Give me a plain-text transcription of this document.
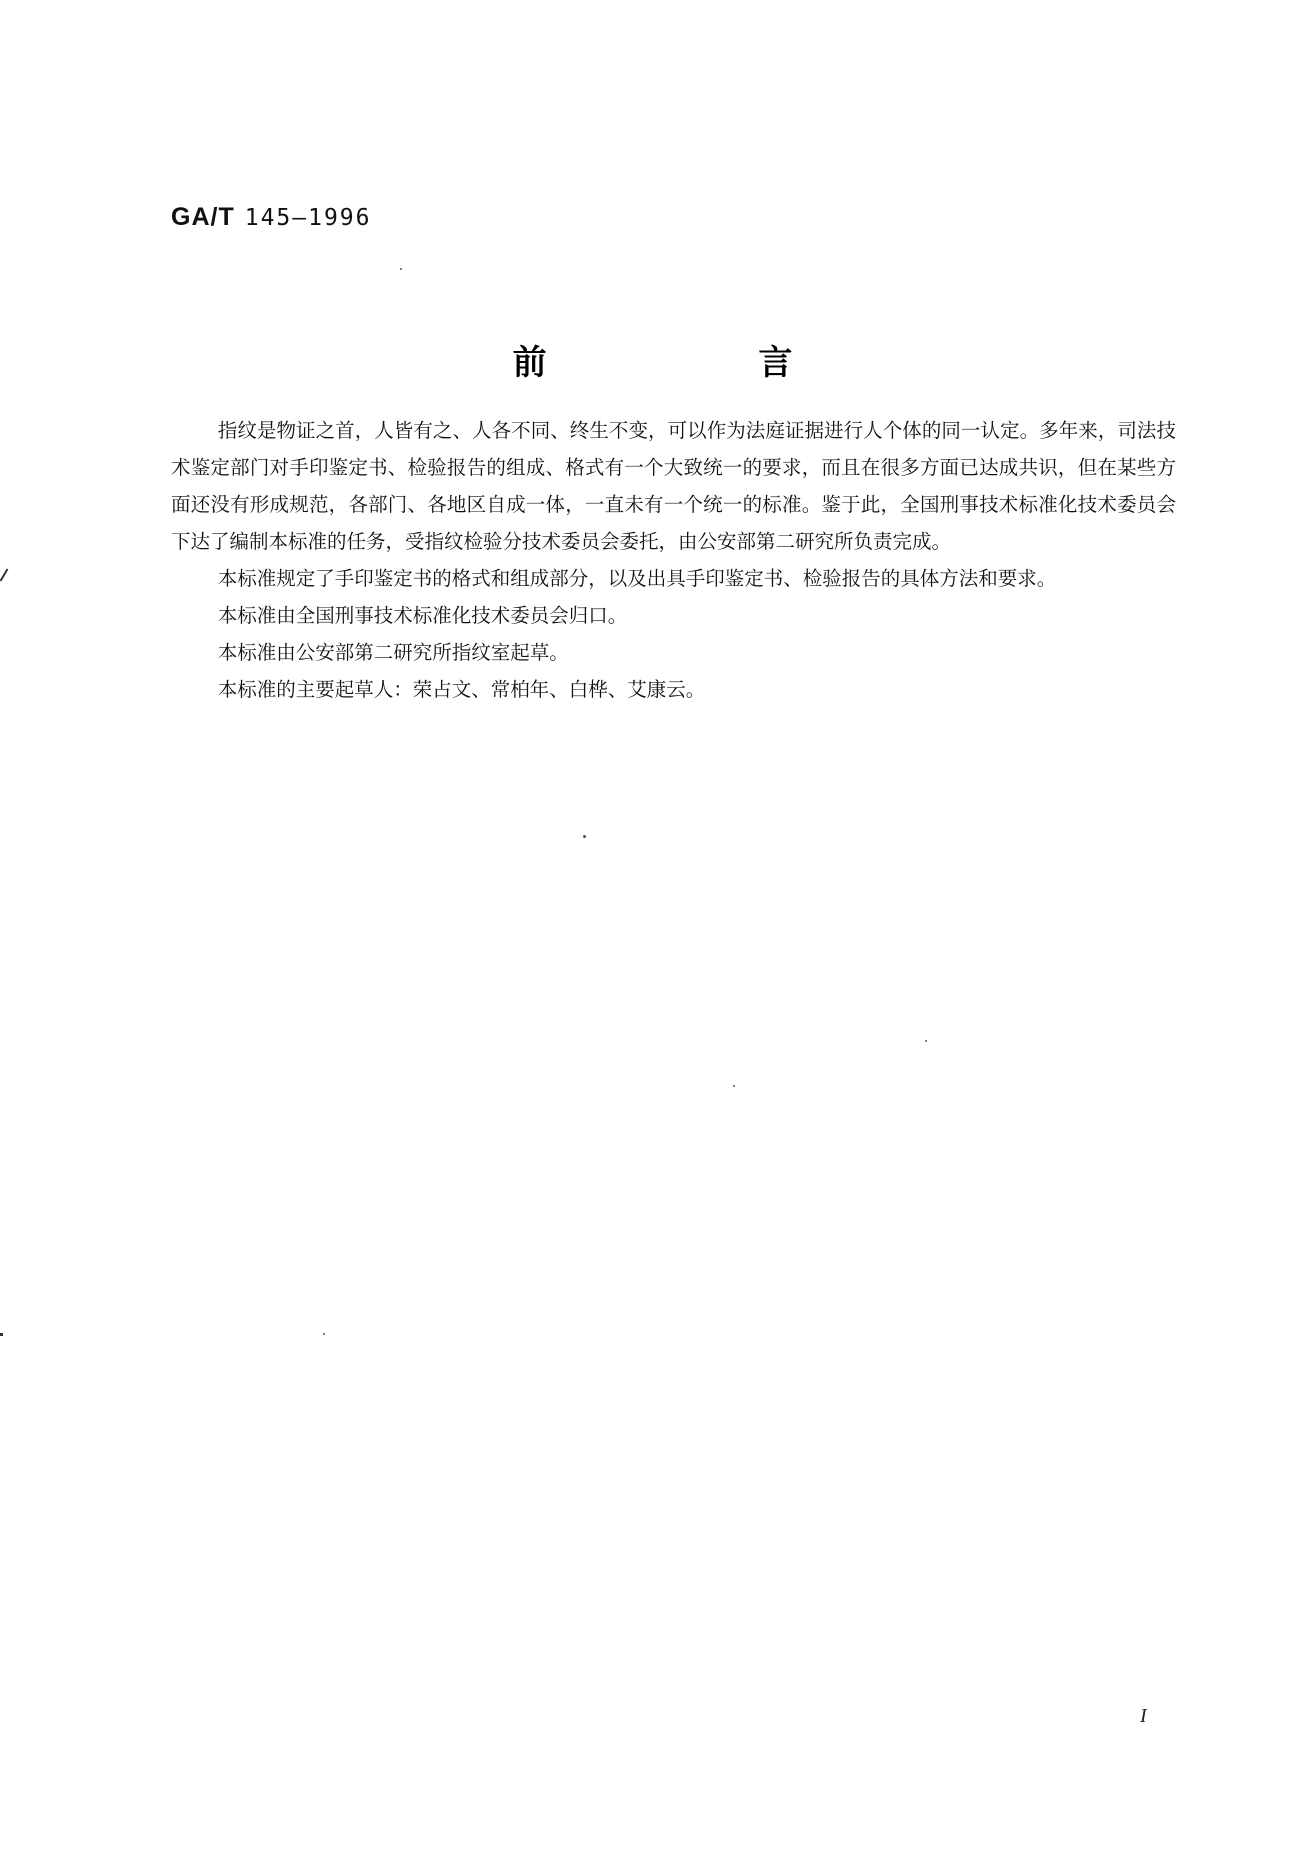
GA/T 145—1996
前 言

指纹是物证之首，人皆有之、人各不同、终生不变，可以作为法庭证据进行人个体的同一认定。多年来，司法技术鉴定部门对手印鉴定书、检验报告的组成、格式有一个大致统一的要求，而且在很多方面已达成共识，但在某些方面还没有形成规范，各部门、各地区自成一体，一直未有一个统一的标准。鉴于此，全国刑事技术标准化技术委员会下达了编制本标准的任务，受指纹检验分技术委员会委托，由公安部第二研究所负责完成。

本标准规定了手印鉴定书的格式和组成部分，以及出具手印鉴定书、检验报告的具体方法和要求。

本标准由全国刑事技术标准化技术委员会归口。

本标准由公安部第二研究所指纹室起草。

本标准的主要起草人：荣占文、常柏年、白桦、艾康云。

I
